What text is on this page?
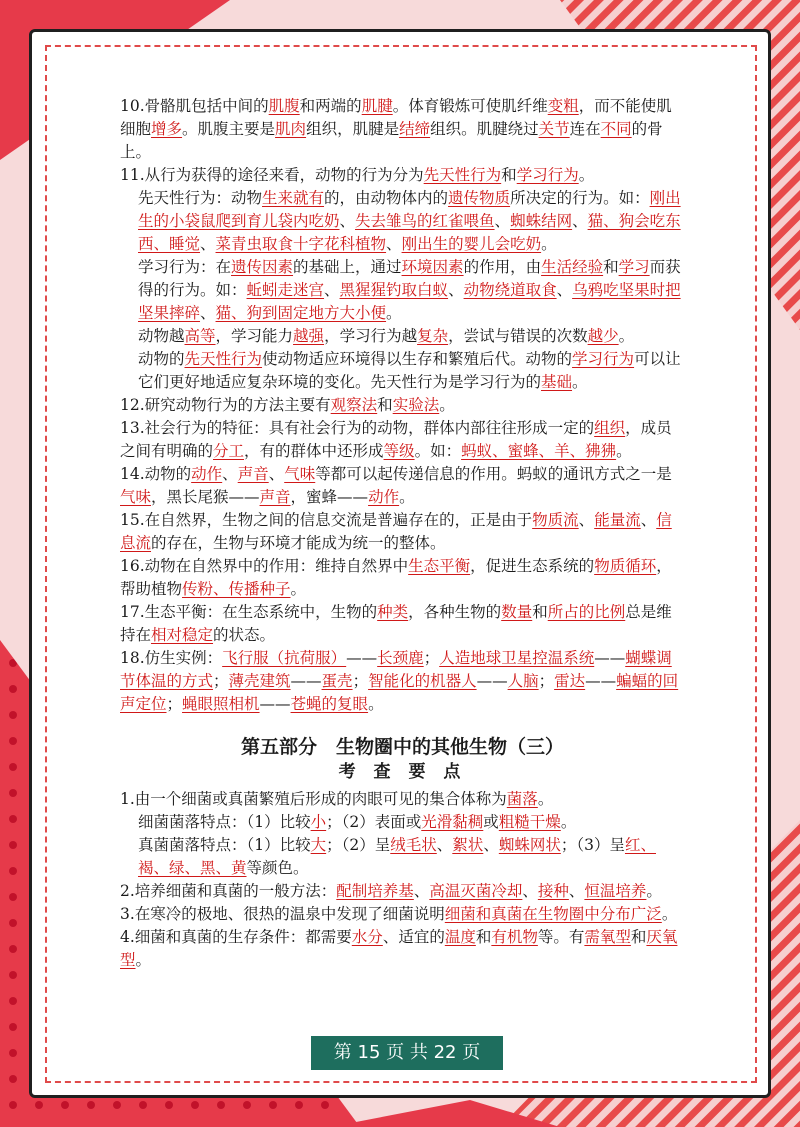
10.骨骼肌包括中间的肌腹和两端的肌腱。体育锻炼可使肌纤维变粗，而不能使肌细胞增多。肌腹主要是肌肉组织，肌腱是结缔组织。肌腱绕过关节连在不同的骨上。

11.从行为获得的途径来看，动物的行为分为先天性行为和学习行为。

先天性行为：动物生来就有的，由动物体内的遗传物质所决定的行为。如：刚出生的小袋鼠爬到育儿袋内吃奶、失去雏鸟的红雀喂鱼、蜘蛛结网、猫、狗会吃东西、睡觉、菜青虫取食十字花科植物、刚出生的婴儿会吃奶。

学习行为：在遗传因素的基础上，通过环境因素的作用，由生活经验和学习而获得的行为。如：蚯蚓走迷宫、黑猩猩钓取白蚁、动物绕道取食、乌鸦吃坚果时把坚果摔碎、猫、狗到固定地方大小便。

动物越高等，学习能力越强，学习行为越复杂，尝试与错误的次数越少。

动物的先天性行为使动物适应环境得以生存和繁殖后代。动物的学习行为可以让它们更好地适应复杂环境的变化。先天性行为是学习行为的基础。

12.研究动物行为的方法主要有观察法和实验法。

13.社会行为的特征：具有社会行为的动物，群体内部往往形成一定的组织，成员之间有明确的分工，有的群体中还形成等级。如：蚂蚁、蜜蜂、羊、狒狒。

14.动物的动作、声音、气味等都可以起传递信息的作用。蚂蚁的通讯方式之一是气味，黑长尾猴——声音，蜜蜂——动作。

15.在自然界，生物之间的信息交流是普遍存在的，正是由于物质流、能量流、信息流的存在，生物与环境才能成为统一的整体。

16.动物在自然界中的作用：维持自然界中生态平衡，促进生态系统的物质循环，帮助植物传粉、传播种子。

17.生态平衡：在生态系统中，生物的种类，各种生物的数量和所占的比例总是维持在相对稳定的状态。

18.仿生实例：飞行服（抗荷服）——长颈鹿；人造地球卫星控温系统——蝴蝶调节体温的方式；薄壳建筑——蛋壳；智能化的机器人——人脑；雷达——蝙蝠的回声定位；蝇眼照相机——苍蝇的复眼。

第五部分　生物圈中的其他生物（三）
考 查 要 点

1.由一个细菌或真菌繁殖后形成的肉眼可见的集合体称为菌落。

细菌菌落特点：（1）比较小；（2）表面或光滑黏稠或粗糙干燥。

真菌菌落特点：（1）比较大；（2）呈绒毛状、絮状、蜘蛛网状；（3）呈红、褐、绿、黑、黄等颜色。

2.培养细菌和真菌的一般方法：配制培养基、高温灭菌冷却、接种、恒温培养。

3.在寒冷的极地、很热的温泉中发现了细菌说明细菌和真菌在生物圈中分布广泛。

4.细菌和真菌的生存条件：都需要水分、适宜的温度和有机物等。有需氧型和厌氧型。

第 15 页 共 22 页
